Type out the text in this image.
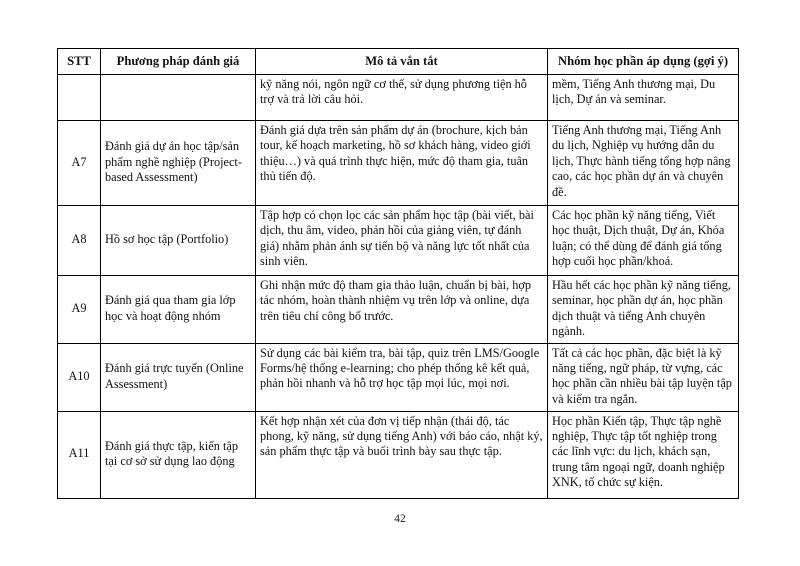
STT	Phương pháp đánh giá	Mô tả vắn tắt	Nhóm học phần áp dụng (gợi ý)
		kỹ năng nói, ngôn ngữ cơ thể, sử dụng phương tiện hỗ trợ và trả lời câu hỏi.	mềm, Tiếng Anh thương mại, Du lịch, Dự án và seminar.
A7	Đánh giá dự án học tập/sản phẩm nghề nghiệp (Project-based Assessment)	Đánh giá dựa trên sản phẩm dự án (brochure, kịch bản tour, kế hoạch marketing, hồ sơ khách hàng, video giới thiệu…) và quá trình thực hiện, mức độ tham gia, tuân thủ tiến độ.	Tiếng Anh thương mại, Tiếng Anh du lịch, Nghiệp vụ hướng dẫn du lịch, Thực hành tiếng tổng hợp nâng cao, các học phần dự án và chuyên đề.
A8	Hồ sơ học tập (Portfolio)	Tập hợp có chọn lọc các sản phẩm học tập (bài viết, bài dịch, thu âm, video, phản hồi của giảng viên, tự đánh giá) nhằm phản ánh sự tiến bộ và năng lực tốt nhất của sinh viên.	Các học phần kỹ năng tiếng, Viết học thuật, Dịch thuật, Dự án, Khóa luận; có thể dùng để đánh giá tổng hợp cuối học phần/khoá.
A9	Đánh giá qua tham gia lớp học và hoạt động nhóm	Ghi nhận mức độ tham gia thảo luận, chuẩn bị bài, hợp tác nhóm, hoàn thành nhiệm vụ trên lớp và online, dựa trên tiêu chí công bố trước.	Hầu hết các học phần kỹ năng tiếng, seminar, học phần dự án, học phần dịch thuật và tiếng Anh chuyên ngành.
A10	Đánh giá trực tuyến (Online Assessment)	Sử dụng các bài kiểm tra, bài tập, quiz trên LMS/Google Forms/hệ thống e-learning; cho phép thống kê kết quả, phản hồi nhanh và hỗ trợ học tập mọi lúc, mọi nơi.	Tất cả các học phần, đặc biệt là kỹ năng tiếng, ngữ pháp, từ vựng, các học phần cần nhiều bài tập luyện tập và kiểm tra ngắn.
A11	Đánh giá thực tập, kiến tập tại cơ sở sử dụng lao động	Kết hợp nhận xét của đơn vị tiếp nhận (thái độ, tác phong, kỹ năng, sử dụng tiếng Anh) với báo cáo, nhật ký, sản phẩm thực tập và buổi trình bày sau thực tập.	Học phần Kiến tập, Thực tập nghề nghiệp, Thực tập tốt nghiệp trong các lĩnh vực: du lịch, khách sạn, trung tâm ngoại ngữ, doanh nghiệp XNK, tổ chức sự kiện.
42
